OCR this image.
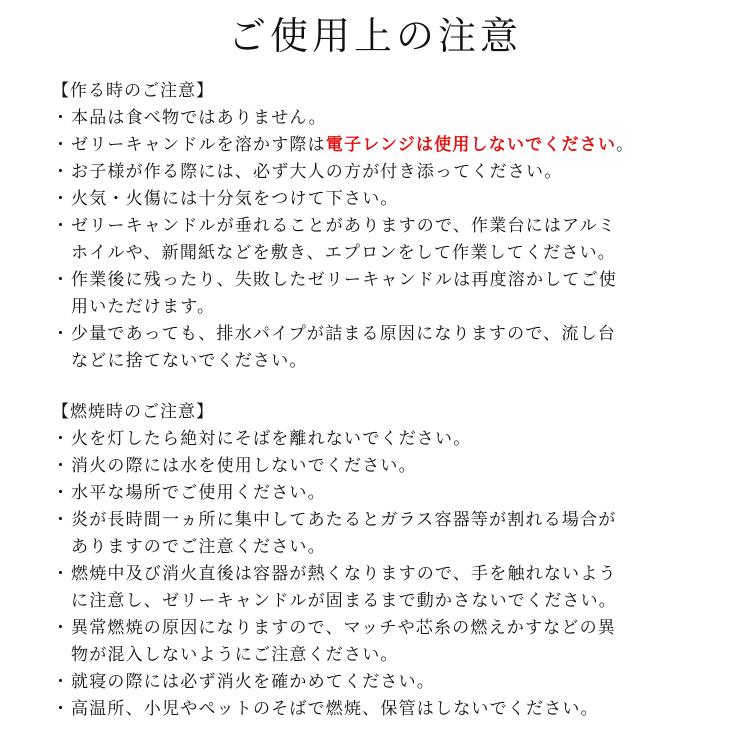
ご使用上の注意
【作る時のご注意】
・ 本品は食べ物ではありません。
・ ゼリーキャンドルを溶かす際は電子レンジは使用しないでください。
・ お子様が作る際には、必ず大人の方が付き添ってください。
・ 火気・火傷には十分気をつけて下さい。
・ ゼリーキャンドルが垂れることがありますので、作業台にはアルミ
ホイルや、新聞紙などを敷き、エプロンをして作業してください。
・ 作業後に残ったり、失敗したゼリーキャンドルは再度溶かしてご使
用いただけます。
・ 少量であっても、排水パイプが詰まる原因になりますので、流し台
などに捨てないでください。
【燃焼時のご注意】
・ 火を灯したら絶対にそばを離れないでください。
・ 消火の際には水を使用しないでください。
・ 水平な場所でご使用ください。
・ 炎が長時間一ヵ所に集中してあたるとガラス容器等が割れる場合が
ありますのでご注意ください。
・ 燃焼中及び消火直後は容器が熱くなりますので、手を触れないよう
に注意し、ゼリーキャンドルが固まるまで動かさないでください。
・ 異常燃焼の原因になりますので、マッチや芯糸の燃えかすなどの異
物が混入しないようにご注意ください。
・ 就寝の際には必ず消火を確かめてください。
・ 高温所、小児やペットのそばで燃焼、保管はしないでください。
